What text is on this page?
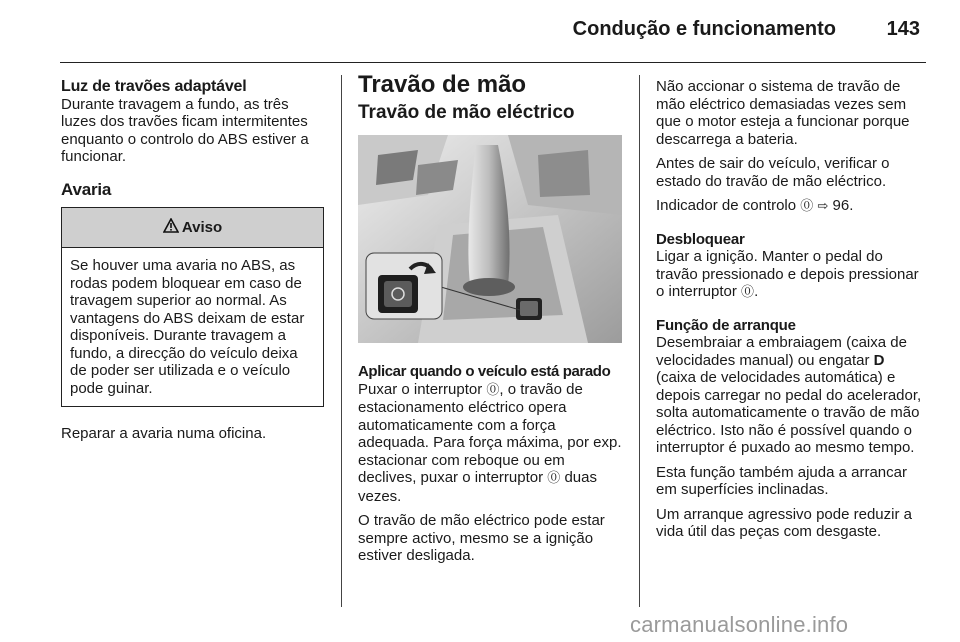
Condução e funcionamento	143
Luz de travões adaptável

Durante travagem a fundo, as três luzes dos travões ficam intermitentes enquanto o controlo do ABS estiver a funcionar.

Avaria
Aviso
Se houver uma avaria no ABS, as rodas podem bloquear em caso de travagem superior ao normal. As vantagens do ABS deixam de estar disponíveis. Durante travagem a fundo, a direcção do veículo deixa de poder ser utilizada e o veículo pode guinar.

Reparar a avaria numa oficina.

Travão de mão
Travão de mão eléctrico
Aplicar quando o veículo está parado

Puxar o interruptor ⓪, o travão de estacionamento eléctrico opera automaticamente com a força adequada. Para força máxima, por exp. estacionar com reboque ou em declives, puxar o interruptor ⓪ duas vezes.

O travão de mão eléctrico pode estar sempre activo, mesmo se a ignição estiver desligada.

Não accionar o sistema de travão de mão eléctrico demasiadas vezes sem que o motor esteja a funcionar porque descarrega a bateria.

Antes de sair do veículo, verificar o estado do travão de mão eléctrico.

Indicador de controlo ⓪ ⇨ 96.

Desbloquear

Ligar a ignição. Manter o pedal do travão pressionado e depois pressionar o interruptor ⓪.

Função de arranque

Desembraiar a embraiagem (caixa de velocidades manual) ou engatar D (caixa de velocidades automática) e depois carregar no pedal do acelerador, solta automaticamente o travão de mão eléctrico. Isto não é possível quando o interruptor é puxado ao mesmo tempo.

Esta função também ajuda a arrancar em superfícies inclinadas.

Um arranque agressivo pode reduzir a vida útil das peças com desgaste.

carmanualsonline.info
